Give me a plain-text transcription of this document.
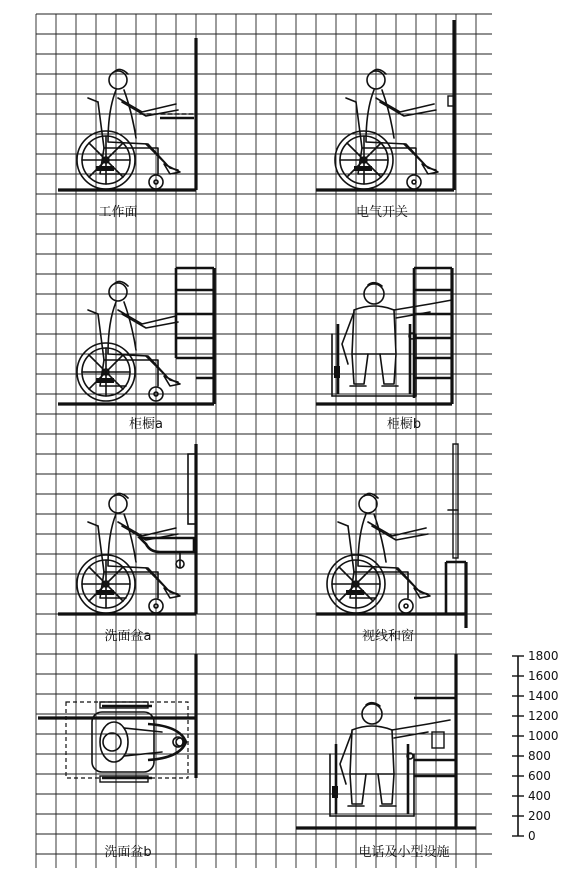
工作面	电气开关
柜橱a	柜橱b
洗面盆a	视线和窗
洗面盆b	电话及小型设施
1800
1600
1400
1200
1000
800
600
400
200
0
